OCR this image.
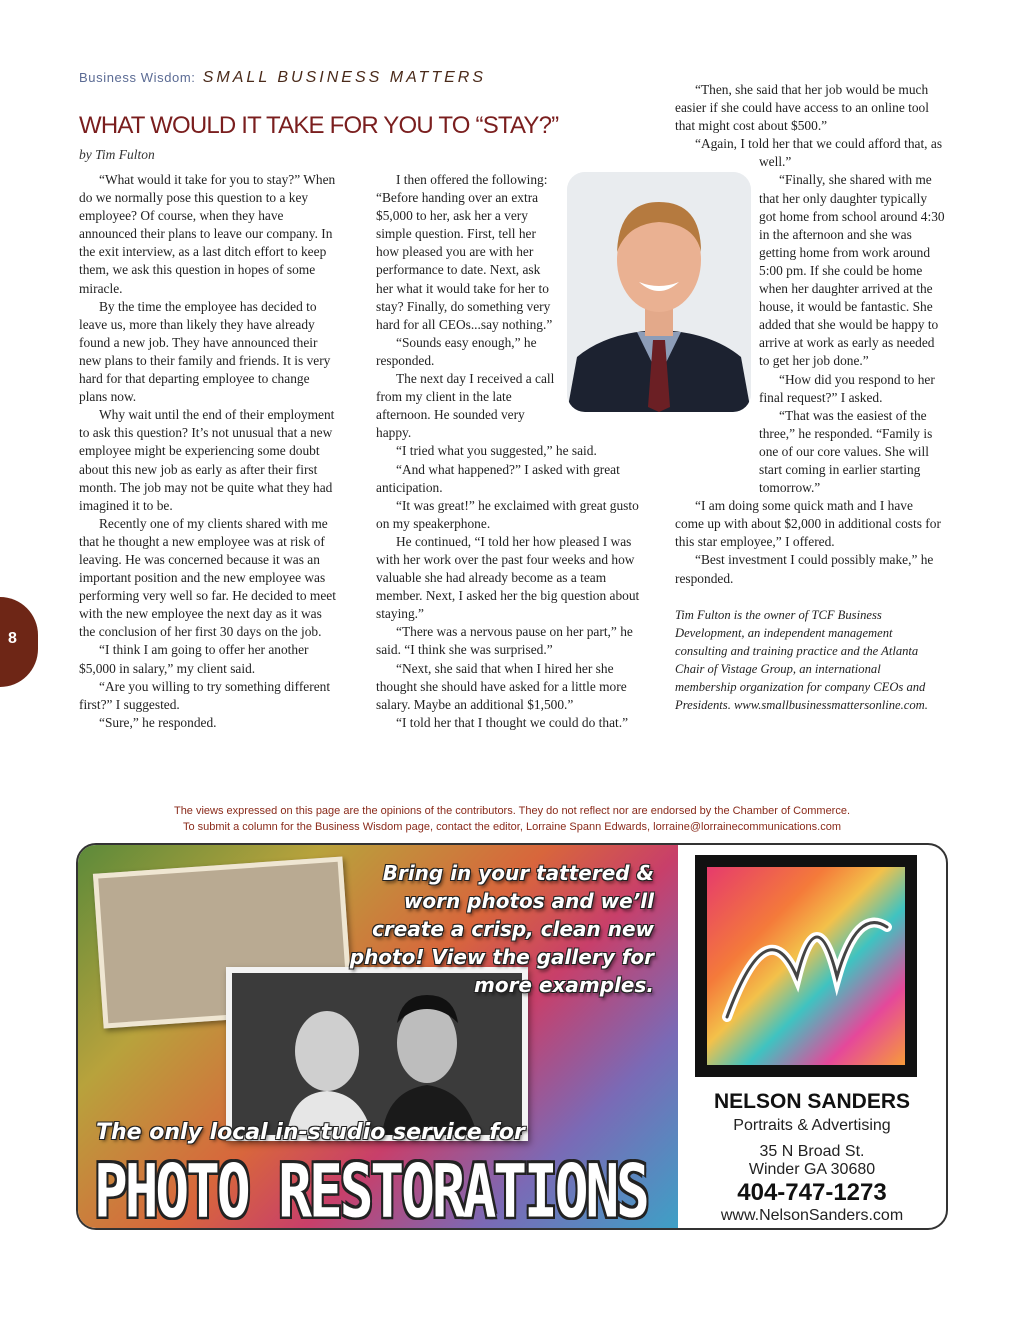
Business Wisdom: SMALL BUSINESS MATTERS
WHAT WOULD IT TAKE FOR YOU TO “STAY?”
by Tim Fulton

“What would it take for you to stay?” When do we normally pose this question to a key employee? Of course, when they have announced their plans to leave our company. In the exit interview, as a last ditch effort to keep them, we ask this question in hopes of some miracle.

By the time the employee has decided to leave us, more than likely they have already found a new job. They have announced their new plans to their family and friends. It is very hard for that departing employee to change plans now.

Why wait until the end of their employment to ask this question? It’s not unusual that a new employee might be experiencing some doubt about this new job as early as after their first month. The job may not be quite what they had imagined it to be.

Recently one of my clients shared with me that he thought a new employee was at risk of leaving. He was concerned because it was an important position and the new employee was performing very well so far. He decided to meet with the new employee the next day as it was the conclusion of her first 30 days on the job.

“I think I am going to offer her another $5,000 in salary,” my client said.

“Are you willing to try something different first?” I suggested.

“Sure,” he responded.

I then offered the following: “Before handing over an extra $5,000 to her, ask her a very simple question. First, tell her how pleased you are with her performance to date. Next, ask her what it would take for her to stay? Finally, do something very hard for all CEOs...say nothing.”

“Sounds easy enough,” he responded.

The next day I received a call from my client in the late afternoon. He sounded very happy.

“I tried what you suggested,” he said.

“And what happened?” I asked with great anticipation.

“It was great!” he exclaimed with great gusto on my speakerphone.

He continued, “I told her how pleased I was with her work over the past four weeks and how valuable she had already become as a team member. Next, I asked her the big question about staying.”

“There was a nervous pause on her part,” he said. “I think she was surprised.”

“Next, she said that when I hired her she thought she should have asked for a little more salary. Maybe an additional $1,500.”

“I told her that I thought we could do that.”

“Then, she said that her job would be much easier if she could have access to an online tool that might cost about $500.”

“Again, I told her that we could afford that, as well.”

“Finally, she shared with me that her only daughter typically got home from school around 4:30 in the afternoon and she was getting home from work around 5:00 pm. If she could be home when her daughter arrived at the house, it would be fantastic. She added that she would be happy to arrive at work as early as needed to get her job done.”

“How did you respond to her final request?” I asked.

“That was the easiest of the three,” he responded. “Family is one of our core values. She will start coming in earlier starting tomorrow.”

“I am doing some quick math and I have come up with about $2,000 in additional costs for this star employee,” I offered.

“Best investment I could possibly make,” he responded.

Tim Fulton is the owner of TCF Business Development, an independent management consulting and training practice and the Atlanta Chair of Vistage Group, an international membership organization for company CEOs and Presidents. www.smallbusinessmattersonline.com.

8
The views expressed on this page are the opinions of the contributors. They do not reflect nor are endorsed by the Chamber of Commerce.
To submit a column for the Business Wisdom page, contact the editor, Lorraine Spann Edwards, lorraine@lorrainecommunications.com
Bring in your tattered & worn photos and we’ll create a crisp, clean new photo! View the gallery for more examples.
The only local in-studio service for
PHOTO RESTORATIONS
NELSON SANDERS
Portraits & Advertising
35 N Broad St.
Winder GA 30680
404-747-1273
www.NelsonSanders.com
